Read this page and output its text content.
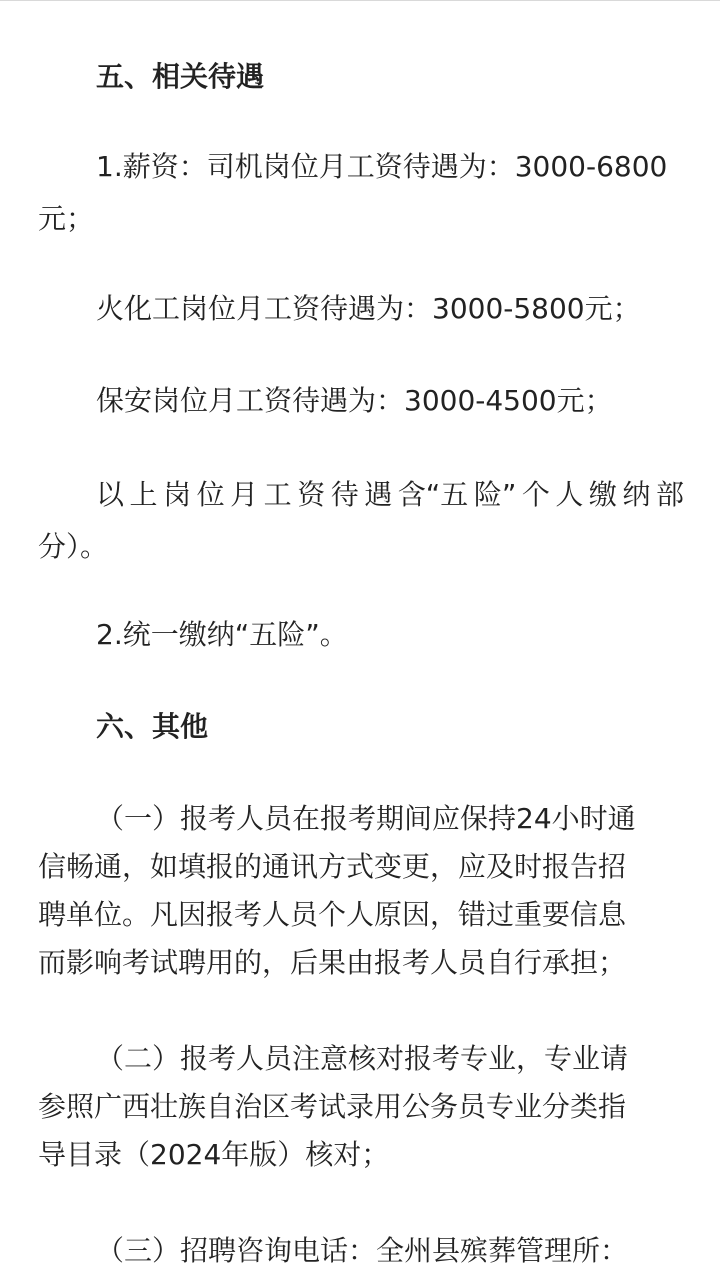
五、相关待遇
1.薪资：司机岗位月工资待遇为：3000-6800
元；
火化工岗位月工资待遇为：3000-5800元；
保安岗位月工资待遇为：3000-4500元；
以 上 岗 位 月 工 资 待 遇 含“五 险” 个 人 缴 纳 部
分）。
2.统一缴纳“五险”。
六、其他
（一）报考人员在报考期间应保持24小时通
信畅通，如填报的通讯方式变更，应及时报告招
聘单位。凡因报考人员个人原因，错过重要信息
而影响考试聘用的，后果由报考人员自行承担；
（二）报考人员注意核对报考专业，专业请
参照广西壮族自治区考试录用公务员专业分类指
导目录（2024年版）核对；
（三）招聘咨询电话：全州县殡葬管理所：
